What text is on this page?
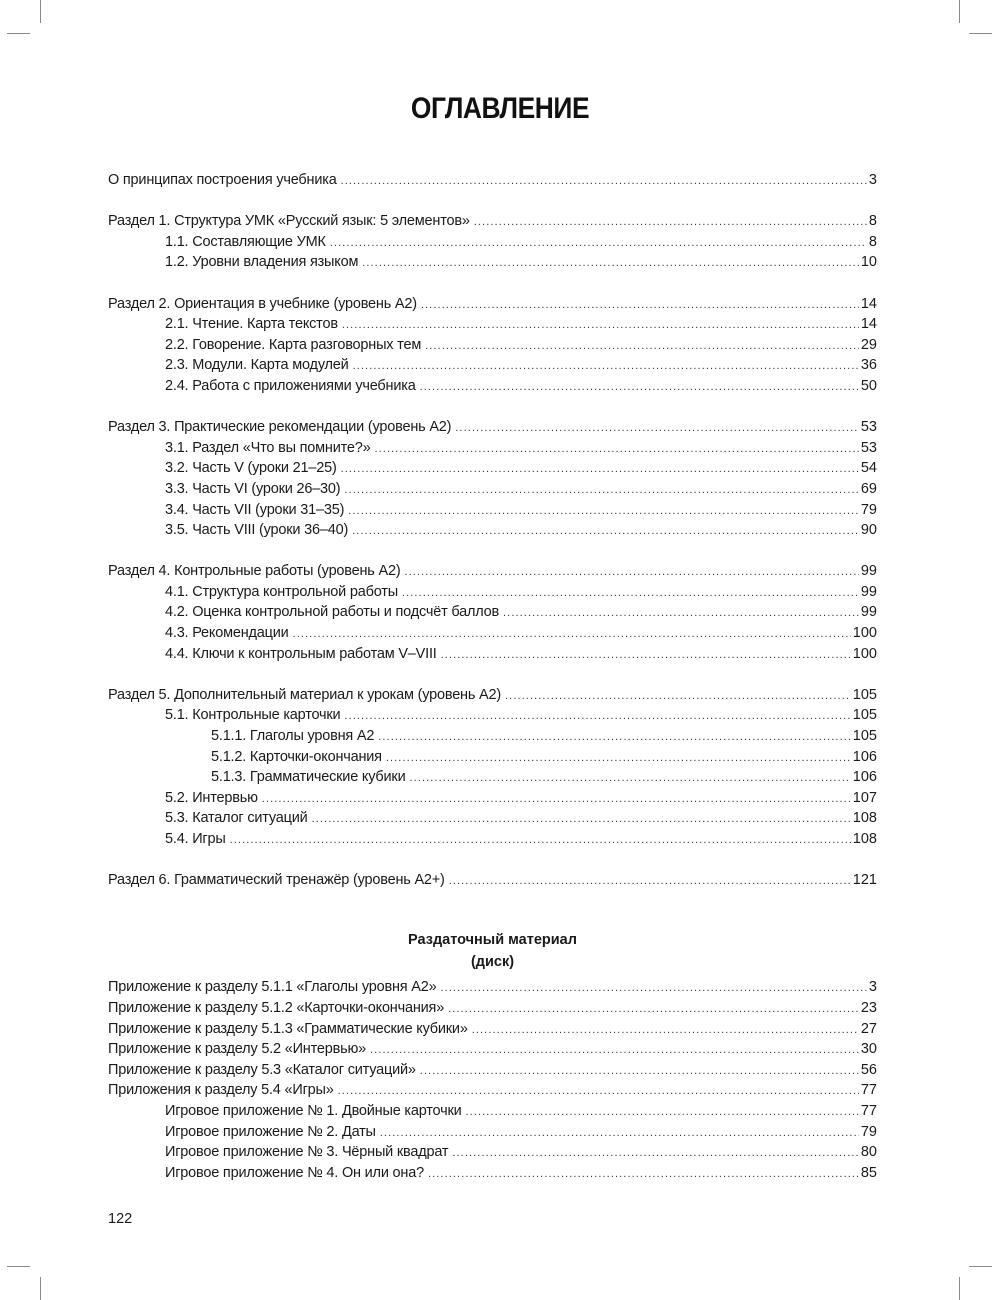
ОГЛАВЛЕНИЕ
О принципах построения учебника .....	3
Раздел 1. Структура УМК «Русский язык: 5 элементов» .....	8
1.1. Составляющие УМК .....	8
1.2. Уровни владения языком .....	10
Раздел 2. Ориентация в учебнике (уровень А2) .....	14
2.1. Чтение. Карта текстов .....	14
2.2. Говорение. Карта разговорных тем .....	29
2.3. Модули. Карта модулей .....	36
2.4. Работа с приложениями учебника .....	50
Раздел 3. Практические рекомендации (уровень А2) .....	53
3.1. Раздел «Что вы помните?» .....	53
3.2. Часть V (уроки 21–25) .....	54
3.3. Часть VI (уроки 26–30) .....	69
3.4. Часть VII (уроки 31–35) .....	79
3.5. Часть VIII (уроки 36–40) .....	90
Раздел 4. Контрольные работы (уровень А2) .....	99
4.1. Структура контрольной работы .....	99
4.2. Оценка контрольной работы и подсчёт баллов .....	99
4.3. Рекомендации .....	100
4.4. Ключи к контрольным работам V–VIII .....	100
Раздел 5. Дополнительный материал к урокам (уровень А2) .....	105
5.1. Контрольные карточки .....	105
5.1.1. Глаголы уровня А2 .....	105
5.1.2. Карточки-окончания .....	106
5.1.3. Грамматические кубики .....	106
5.2. Интервью .....	107
5.3. Каталог ситуаций .....	108
5.4. Игры .....	108
Раздел 6. Грамматический тренажёр (уровень А2+) .....	121
Раздаточный материал
(диск)
Приложение к разделу 5.1.1 «Глаголы уровня А2» .....	3
Приложение к разделу 5.1.2 «Карточки-окончания» .....	23
Приложение к разделу 5.1.3 «Грамматические кубики» .....	27
Приложение к разделу 5.2 «Интервью» .....	30
Приложение к разделу 5.3 «Каталог ситуаций» .....	56
Приложения к разделу 5.4 «Игры» .....	77
Игровое приложение № 1. Двойные карточки .....	77
Игровое приложение № 2. Даты .....	79
Игровое приложение № 3. Чёрный квадрат .....	80
Игровое приложение № 4. Он или она? .....	85
122
